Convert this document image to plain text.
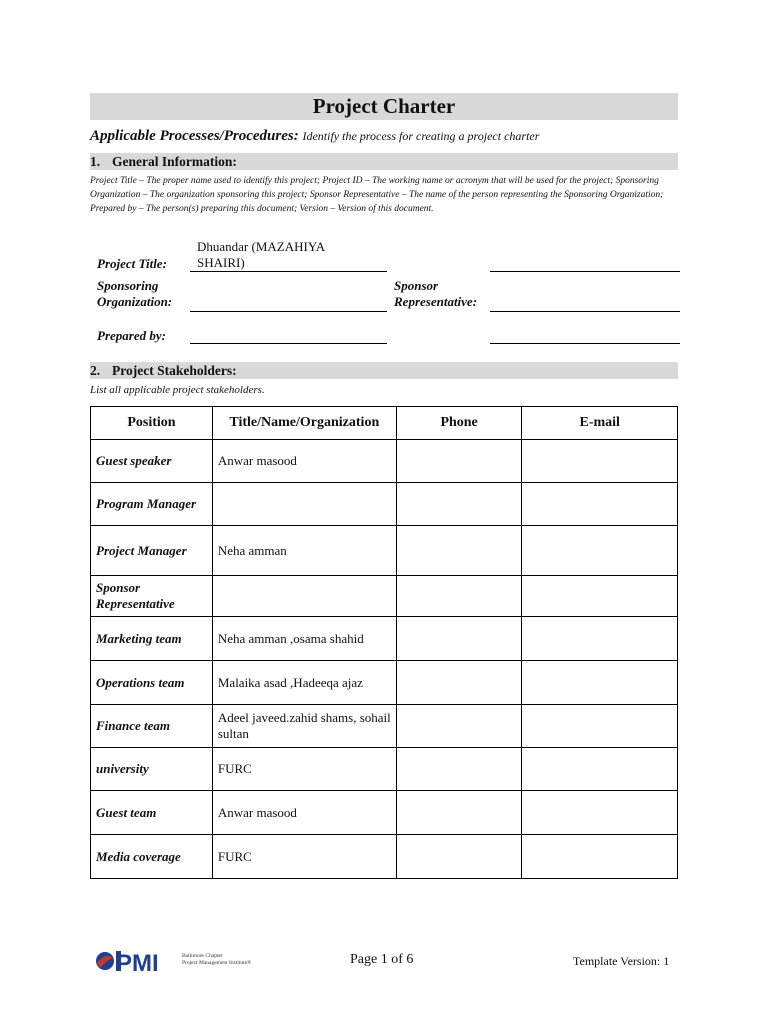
Project Charter
Applicable Processes/Procedures: Identify the process for creating a project charter
1. General Information:
Project Title – The proper name used to identify this project; Project ID – The working name or acronym that will be used for the project; Sponsoring Organization – The organization sponsoring this project; Sponsor Representative – The name of the person representing the Sponsoring Organization; Prepared by – The person(s) preparing this document; Version – Version of this document.
Project Title:
Dhuandar (MAZAHIYA SHAIRI)
Sponsoring Organization:
Sponsor Representative:
Prepared by:
2. Project Stakeholders:
List all applicable project stakeholders.
Position	Title/Name/Organization	Phone	E-mail
Guest speaker	Anwar masood		
Program Manager			
Project Manager	Neha amman		
Sponsor Representative			
Marketing team	Neha amman ,osama shahid		
Operations team	Malaika asad ,Hadeeqa ajaz		
Finance team	Adeel javeed.zahid shams, sohail sultan		
university	FURC		
Guest team	Anwar masood		
Media coverage	FURC		
PMI	Baltimore Chapter
Project Management Institute®	Page 1 of 6	Template Version: 1
